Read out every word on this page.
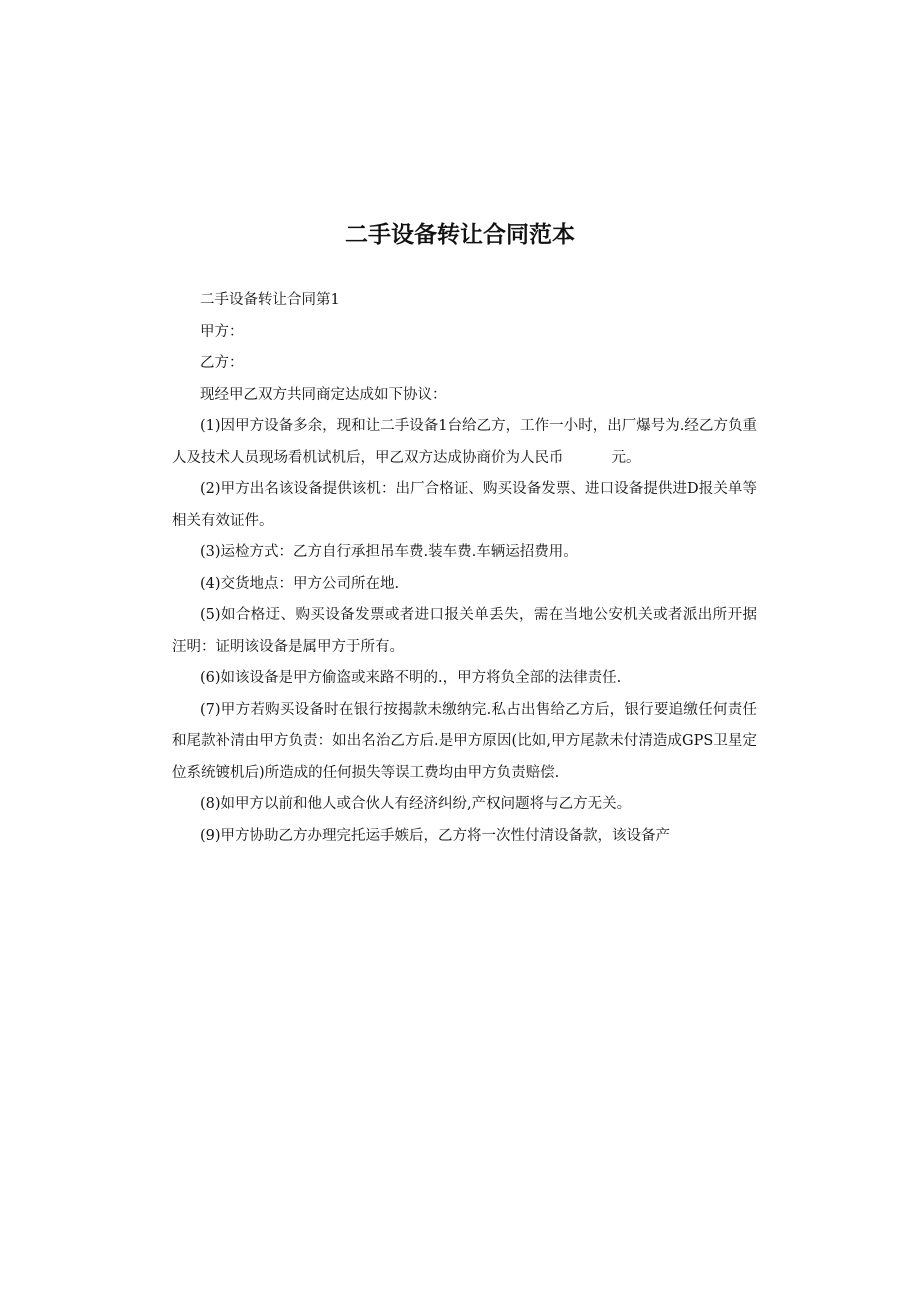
二手设备转让合同范本

二手设备转让合同第1

甲方：

乙方：

现经甲乙双方共同商定达成如下协议：

(1)因甲方设备多余，现和让二手设备1台给乙方，工作一小时，出厂爆号为.经乙方负重人及技术人员现场看机试机后，甲乙双方达成协商价为人民币	元。

(2)甲方出名该设备提供该机：出厂合格证、购买设备发票、进口设备提供进D报关单等相关有效证件。

(3)运检方式：乙方自行承担吊车费.装车费.车辆运招费用。

(4)交货地点：甲方公司所在地.

(5)如合格迂、购买设备发票或者进口报关单丢失，需在当地公安机关或者派出所开据汪明：证明该设备是属甲方于所有。

(6)如该设备是甲方偷盗或来路不明的.，甲方将负全部的法律责任.

(7)甲方若购买设备时在银行按揭款未缴纳完.私占出售给乙方后，银行要追缴任何责任和尾款补清由甲方负责：如出名治乙方后.是甲方原因(比如,甲方尾款未付清造成GPS卫星定位系统镀机后)所造成的任何损失等误工费均由甲方负责赔偿.

(8)如甲方以前和他人或合伙人有经济纠纷,产权问题将与乙方无关。

(9)甲方协助乙方办理完托运手嫉后，乙方将一次性付清设备款，该设备产
